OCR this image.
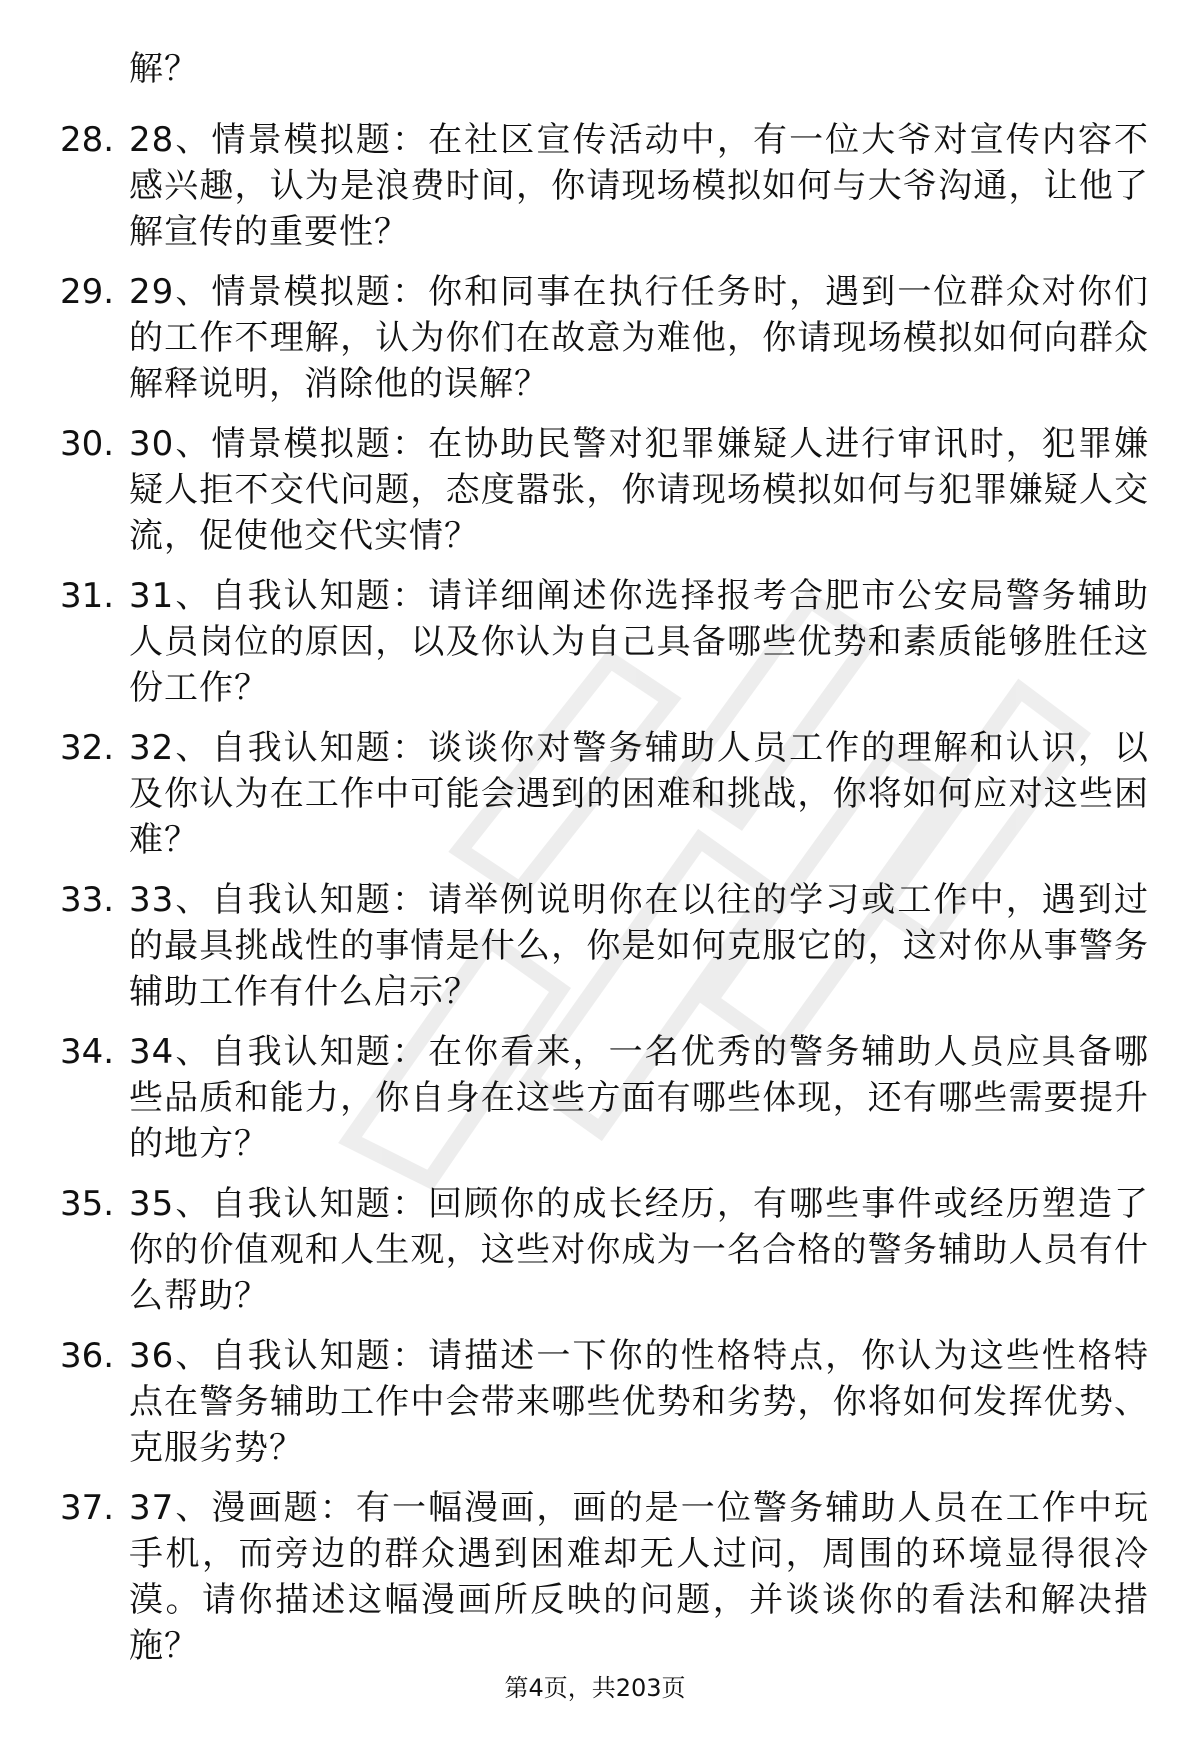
解？
28. 28、情景模拟题：在社区宣传活动中，有一位大爷对宣传内容不感兴趣，认为是浪费时间，你请现场模拟如何与大爷沟通，让他了解宣传的重要性？
29. 29、情景模拟题：你和同事在执行任务时，遇到一位群众对你们的工作不理解，认为你们在故意为难他，你请现场模拟如何向群众解释说明，消除他的误解？
30. 30、情景模拟题：在协助民警对犯罪嫌疑人进行审讯时，犯罪嫌疑人拒不交代问题，态度嚣张，你请现场模拟如何与犯罪嫌疑人交流，促使他交代实情？
31. 31、自我认知题：请详细阐述你选择报考合肥市公安局警务辅助人员岗位的原因，以及你认为自己具备哪些优势和素质能够胜任这份工作？
32. 32、自我认知题：谈谈你对警务辅助人员工作的理解和认识，以及你认为在工作中可能会遇到的困难和挑战，你将如何应对这些困难？
33. 33、自我认知题：请举例说明你在以往的学习或工作中，遇到过的最具挑战性的事情是什么，你是如何克服它的，这对你从事警务辅助工作有什么启示？
34. 34、自我认知题：在你看来，一名优秀的警务辅助人员应具备哪些品质和能力，你自身在这些方面有哪些体现，还有哪些需要提升的地方？
35. 35、自我认知题：回顾你的成长经历，有哪些事件或经历塑造了你的价值观和人生观，这些对你成为一名合格的警务辅助人员有什么帮助？
36. 36、自我认知题：请描述一下你的性格特点，你认为这些性格特点在警务辅助工作中会带来哪些优势和劣势，你将如何发挥优势、克服劣势？
37. 37、漫画题：有一幅漫画，画的是一位警务辅助人员在工作中玩手机，而旁边的群众遇到困难却无人过问，周围的环境显得很冷漠。请你描述这幅漫画所反映的问题，并谈谈你的看法和解决措施？
第4页，共203页
